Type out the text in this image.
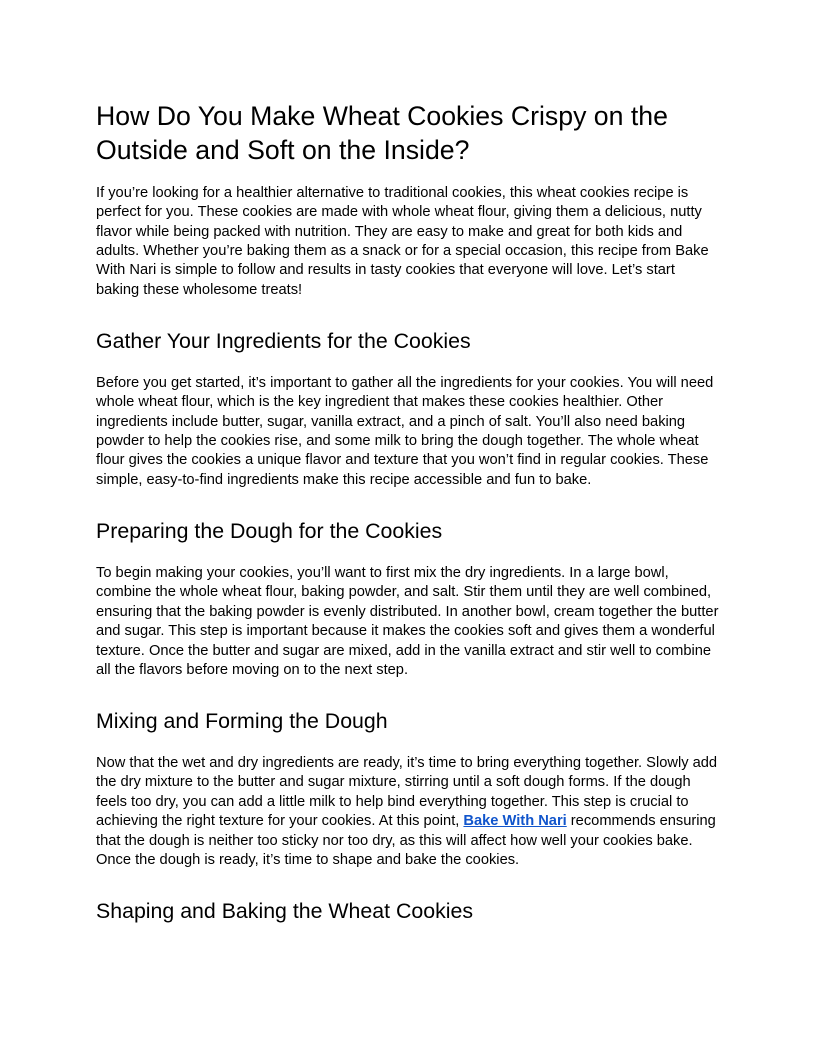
How Do You Make Wheat Cookies Crispy on the Outside and Soft on the Inside?

If you’re looking for a healthier alternative to traditional cookies, this wheat cookies recipe is perfect for you. These cookies are made with whole wheat flour, giving them a delicious, nutty flavor while being packed with nutrition. They are easy to make and great for both kids and adults. Whether you’re baking them as a snack or for a special occasion, this recipe from Bake With Nari is simple to follow and results in tasty cookies that everyone will love. Let’s start baking these wholesome treats!

Gather Your Ingredients for the Cookies

Before you get started, it’s important to gather all the ingredients for your cookies. You will need whole wheat flour, which is the key ingredient that makes these cookies healthier. Other ingredients include butter, sugar, vanilla extract, and a pinch of salt. You’ll also need baking powder to help the cookies rise, and some milk to bring the dough together. The whole wheat flour gives the cookies a unique flavor and texture that you won’t find in regular cookies. These simple, easy-to-find ingredients make this recipe accessible and fun to bake.

Preparing the Dough for the Cookies

To begin making your cookies, you’ll want to first mix the dry ingredients. In a large bowl, combine the whole wheat flour, baking powder, and salt. Stir them until they are well combined, ensuring that the baking powder is evenly distributed. In another bowl, cream together the butter and sugar. This step is important because it makes the cookies soft and gives them a wonderful texture. Once the butter and sugar are mixed, add in the vanilla extract and stir well to combine all the flavors before moving on to the next step.

Mixing and Forming the Dough

Now that the wet and dry ingredients are ready, it’s time to bring everything together. Slowly add the dry mixture to the butter and sugar mixture, stirring until a soft dough forms. If the dough feels too dry, you can add a little milk to help bind everything together. This step is crucial to achieving the right texture for your cookies. At this point, Bake With Nari recommends ensuring that the dough is neither too sticky nor too dry, as this will affect how well your cookies bake. Once the dough is ready, it’s time to shape and bake the cookies.

Shaping and Baking the Wheat Cookies
